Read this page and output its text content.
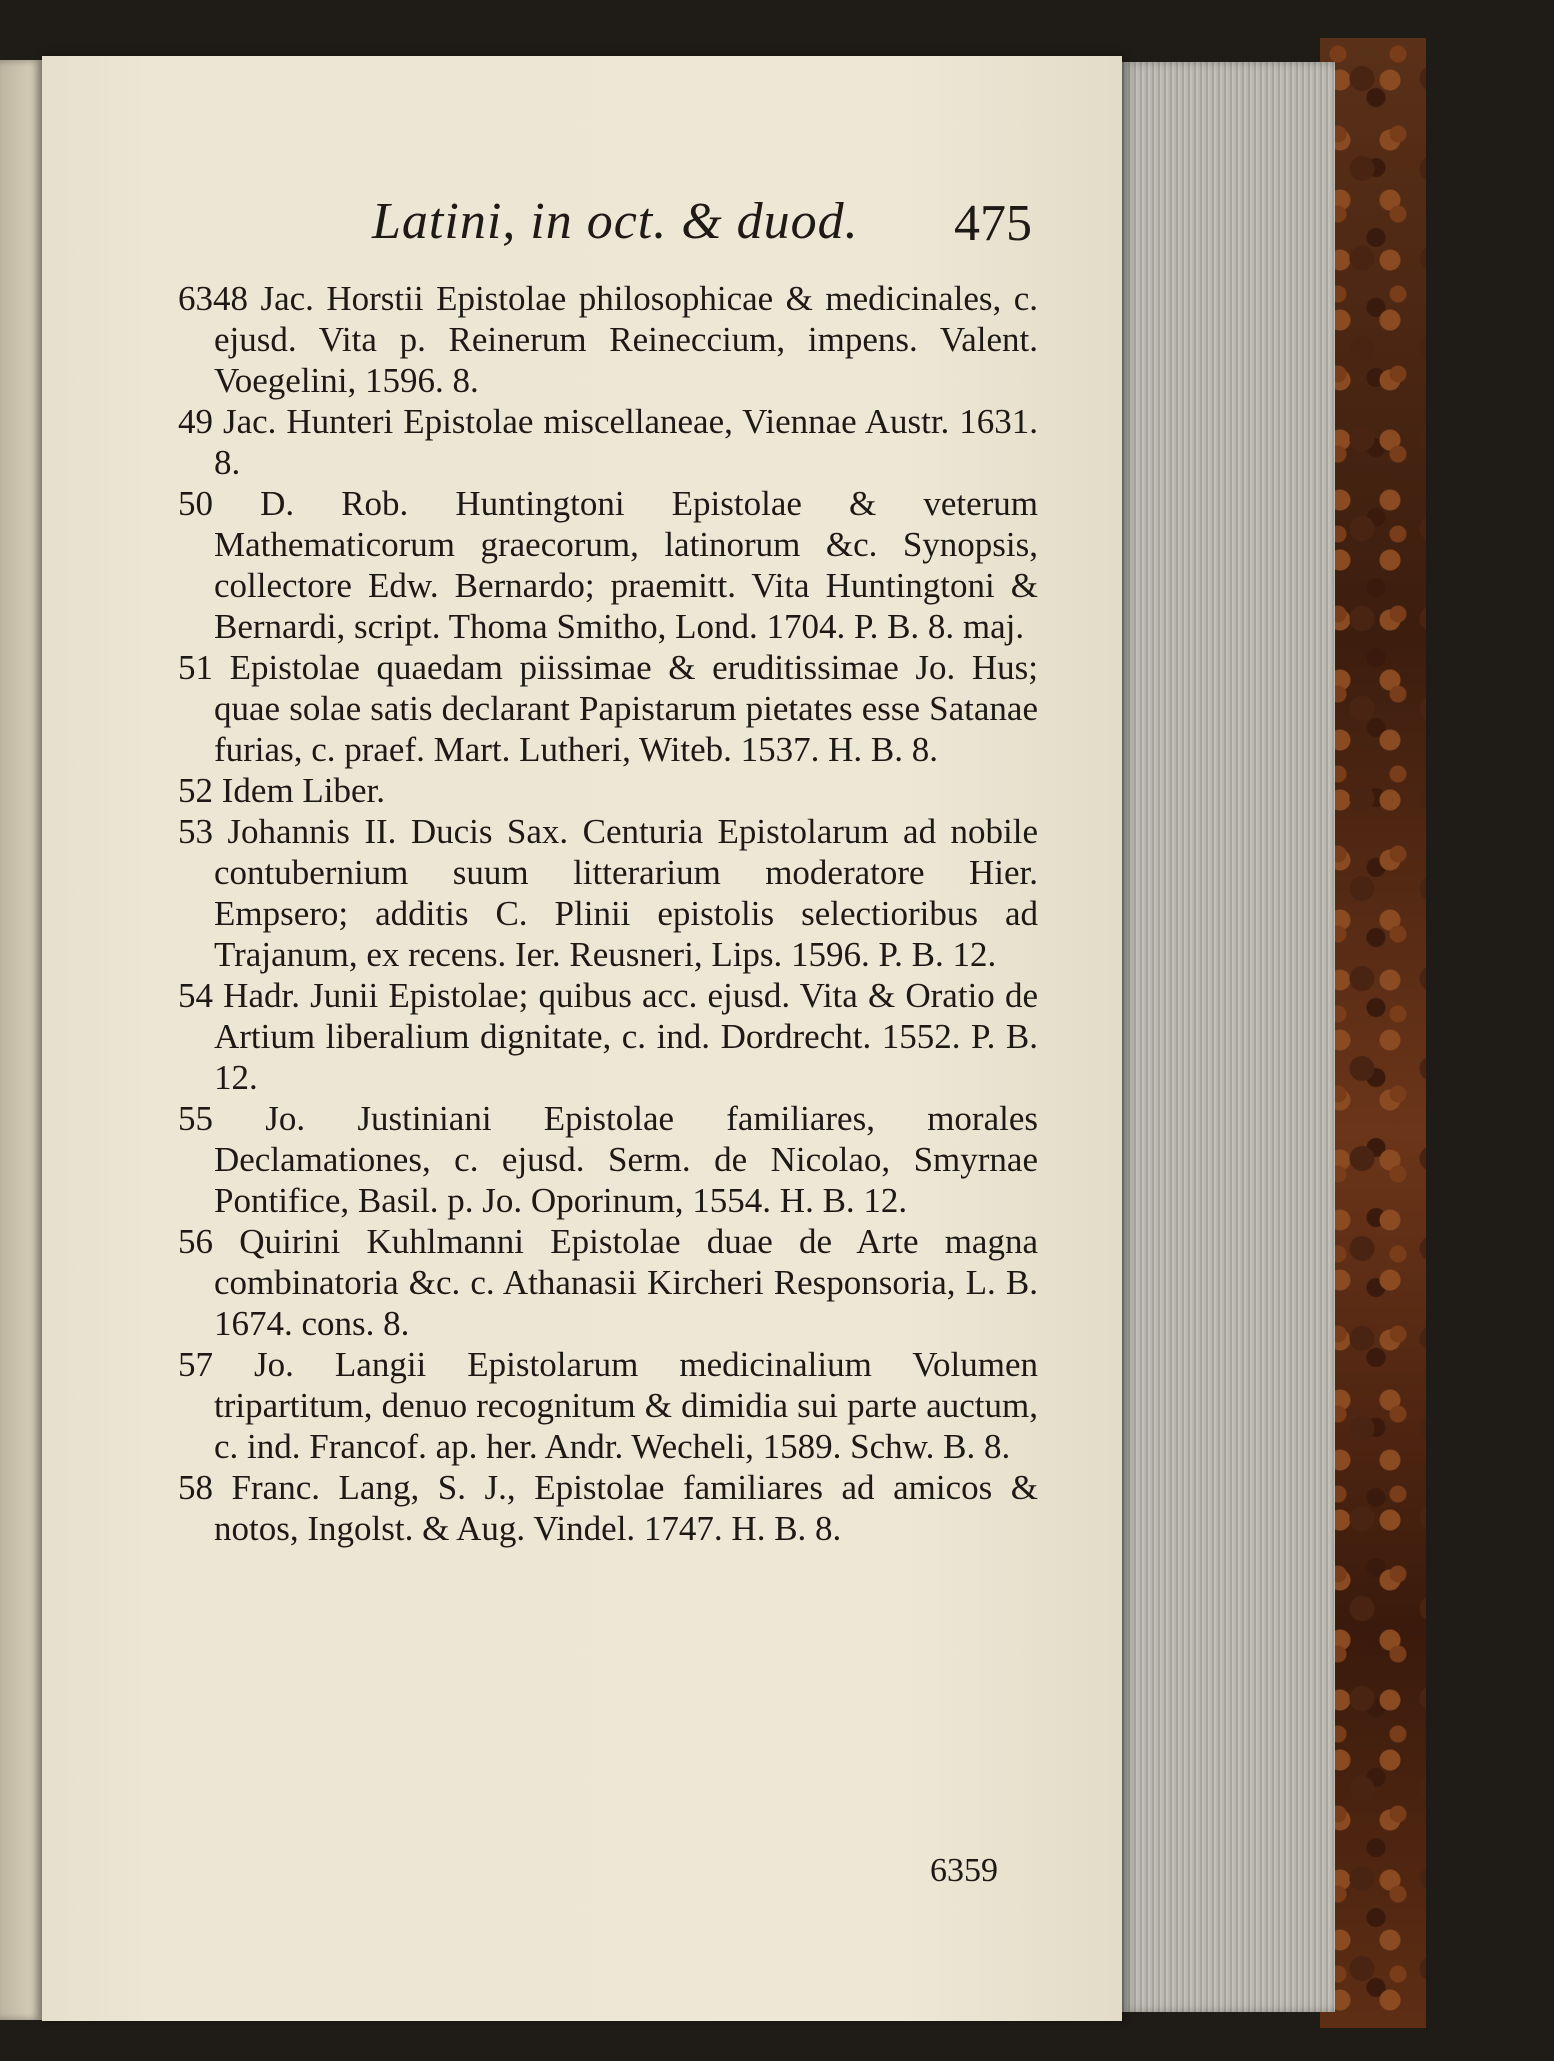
Latini, in oct. & duod. 475

6348 Jac. Horstii Epistolae philosophicae & medicinales, c. ejusd. Vita p. Reinerum Reineccium, impens. Valent. Voegelini, 1596. 8.

49 Jac. Hunteri Epistolae miscellaneae, Viennae Austr. 1631. 8.

50 D. Rob. Huntingtoni Epistolae & veterum Mathematicorum graecorum, latinorum &c. Synopsis, collectore Edw. Bernardo; praemitt. Vita Huntingtoni & Bernardi, script. Thoma Smitho, Lond. 1704. P. B. 8. maj.

51 Epistolae quaedam piissimae & eruditissimae Jo. Hus; quae solae satis declarant Papistarum pietates esse Satanae furias, c. praef. Mart. Lutheri, Witeb. 1537. H. B. 8.

52 Idem Liber.

53 Johannis II. Ducis Sax. Centuria Epistolarum ad nobile contubernium suum litterarium moderatore Hier. Empsero; additis C. Plinii epistolis selectioribus ad Trajanum, ex recens. Ier. Reusneri, Lips. 1596. P. B. 12.

54 Hadr. Junii Epistolae; quibus acc. ejusd. Vita & Oratio de Artium liberalium dignitate, c. ind. Dordrecht. 1552. P. B. 12.

55 Jo. Justiniani Epistolae familiares, morales Declamationes, c. ejusd. Serm. de Nicolao, Smyrnae Pontifice, Basil. p. Jo. Oporinum, 1554. H. B. 12.

56 Quirini Kuhlmanni Epistolae duae de Arte magna combinatoria &c. c. Athanasii Kircheri Responsoria, L. B. 1674. cons. 8.

57 Jo. Langii Epistolarum medicinalium Volumen tripartitum, denuo recognitum & dimidia sui parte auctum, c. ind. Francof. ap. her. Andr. Wecheli, 1589. Schw. B. 8.

58 Franc. Lang, S. J., Epistolae familiares ad amicos & notos, Ingolst. & Aug. Vindel. 1747. H. B. 8.

6359
